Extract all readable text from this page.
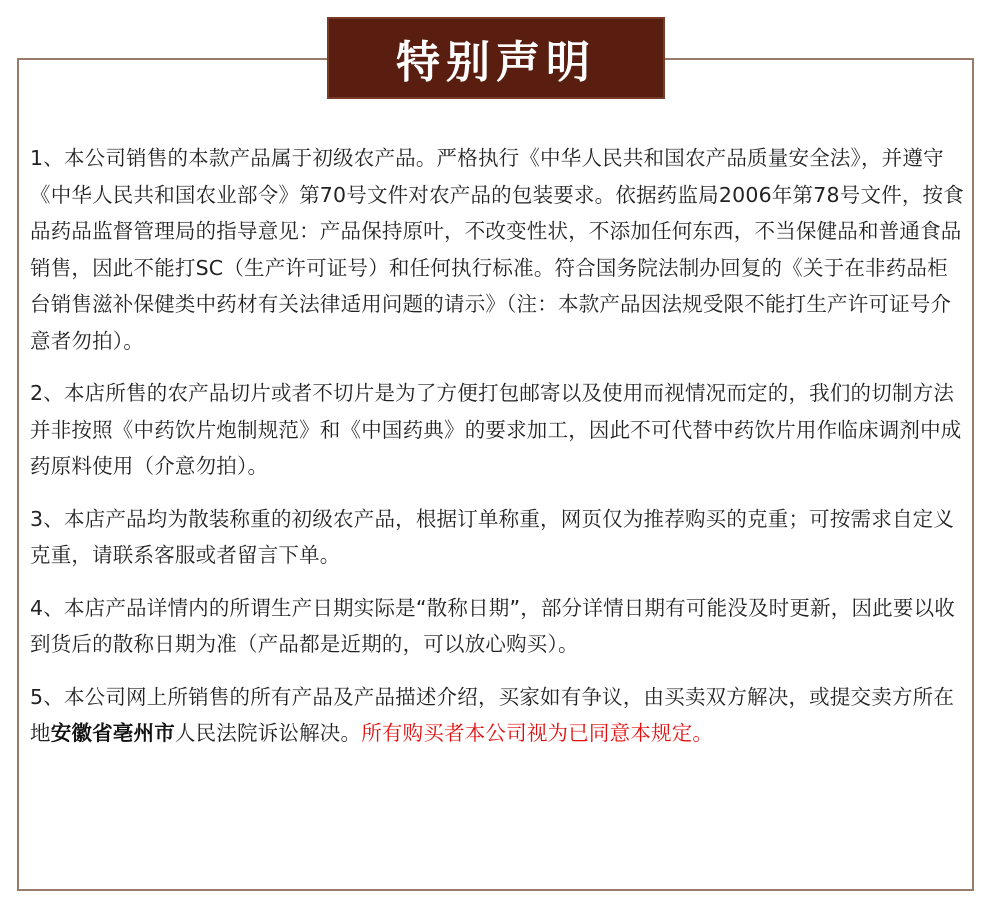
特别声明

1、本公司销售的本款产品属于初级农产品。严格执行《中华人民共和国农产品质量安全法》，并遵守《中华人民共和国农业部令》第70号文件对农产品的包装要求。依据药监局2006年第78号文件，按食品药品监督管理局的指导意见：产品保持原叶，不改变性状，不添加任何东西，不当保健品和普通食品销售，因此不能打SC（生产许可证号）和任何执行标准。符合国务院法制办回复的《关于在非药品柜台销售滋补保健类中药材有关法律适用问题的请示》（注：本款产品因法规受限不能打生产许可证号介意者勿拍）。

2、本店所售的农产品切片或者不切片是为了方便打包邮寄以及使用而视情况而定的，我们的切制方法并非按照《中药饮片炮制规范》和《中国药典》的要求加工，因此不可代替中药饮片用作临床调剂中成药原料使用（介意勿拍）。

3、本店产品均为散装称重的初级农产品，根据订单称重，网页仅为推荐购买的克重；可按需求自定义克重，请联系客服或者留言下单。

4、本店产品详情内的所谓生产日期实际是“散称日期”，部分详情日期有可能没及时更新，因此要以收到货后的散称日期为准（产品都是近期的，可以放心购买）。

5、本公司网上所销售的所有产品及产品描述介绍，买家如有争议，由买卖双方解决，或提交卖方所在地安徽省亳州市人民法院诉讼解决。所有购买者本公司视为已同意本规定。
